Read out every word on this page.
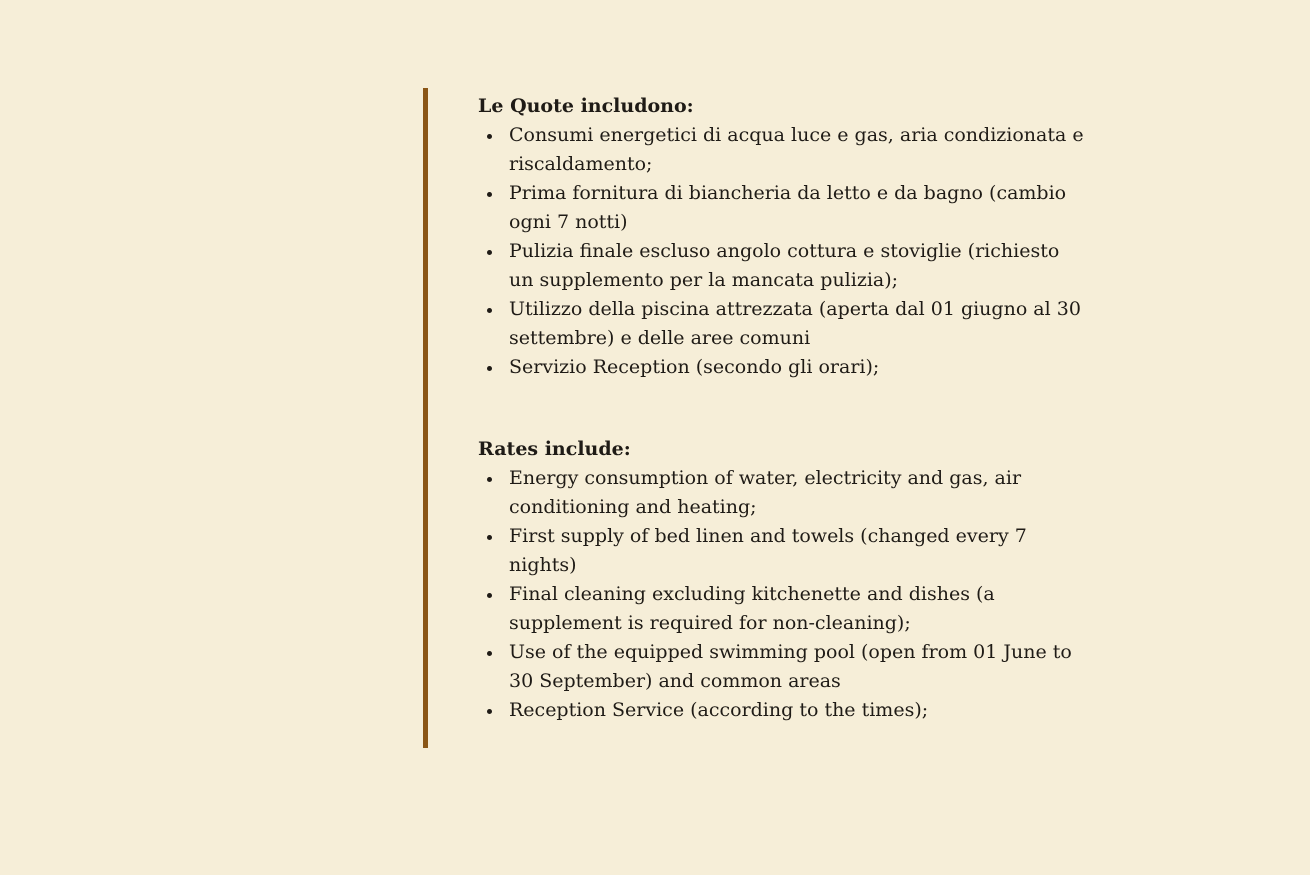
Le Quote includono:
Consumi energetici di acqua luce e gas, aria condizionata e riscaldamento;
Prima fornitura di biancheria da letto e da bagno (cambio ogni 7 notti)
Pulizia finale escluso angolo cottura e stoviglie (richiesto un supplemento per la mancata pulizia);
Utilizzo della piscina attrezzata (aperta dal 01 giugno al 30 settembre) e delle aree comuni
Servizio Reception (secondo gli orari);
Rates include:
Energy consumption of water, electricity and gas, air conditioning and heating;
First supply of bed linen and towels (changed every 7 nights)
Final cleaning excluding kitchenette and dishes (a supplement is required for non-cleaning);
Use of the equipped swimming pool (open from 01 June to 30 September) and common areas
Reception Service (according to the times);
